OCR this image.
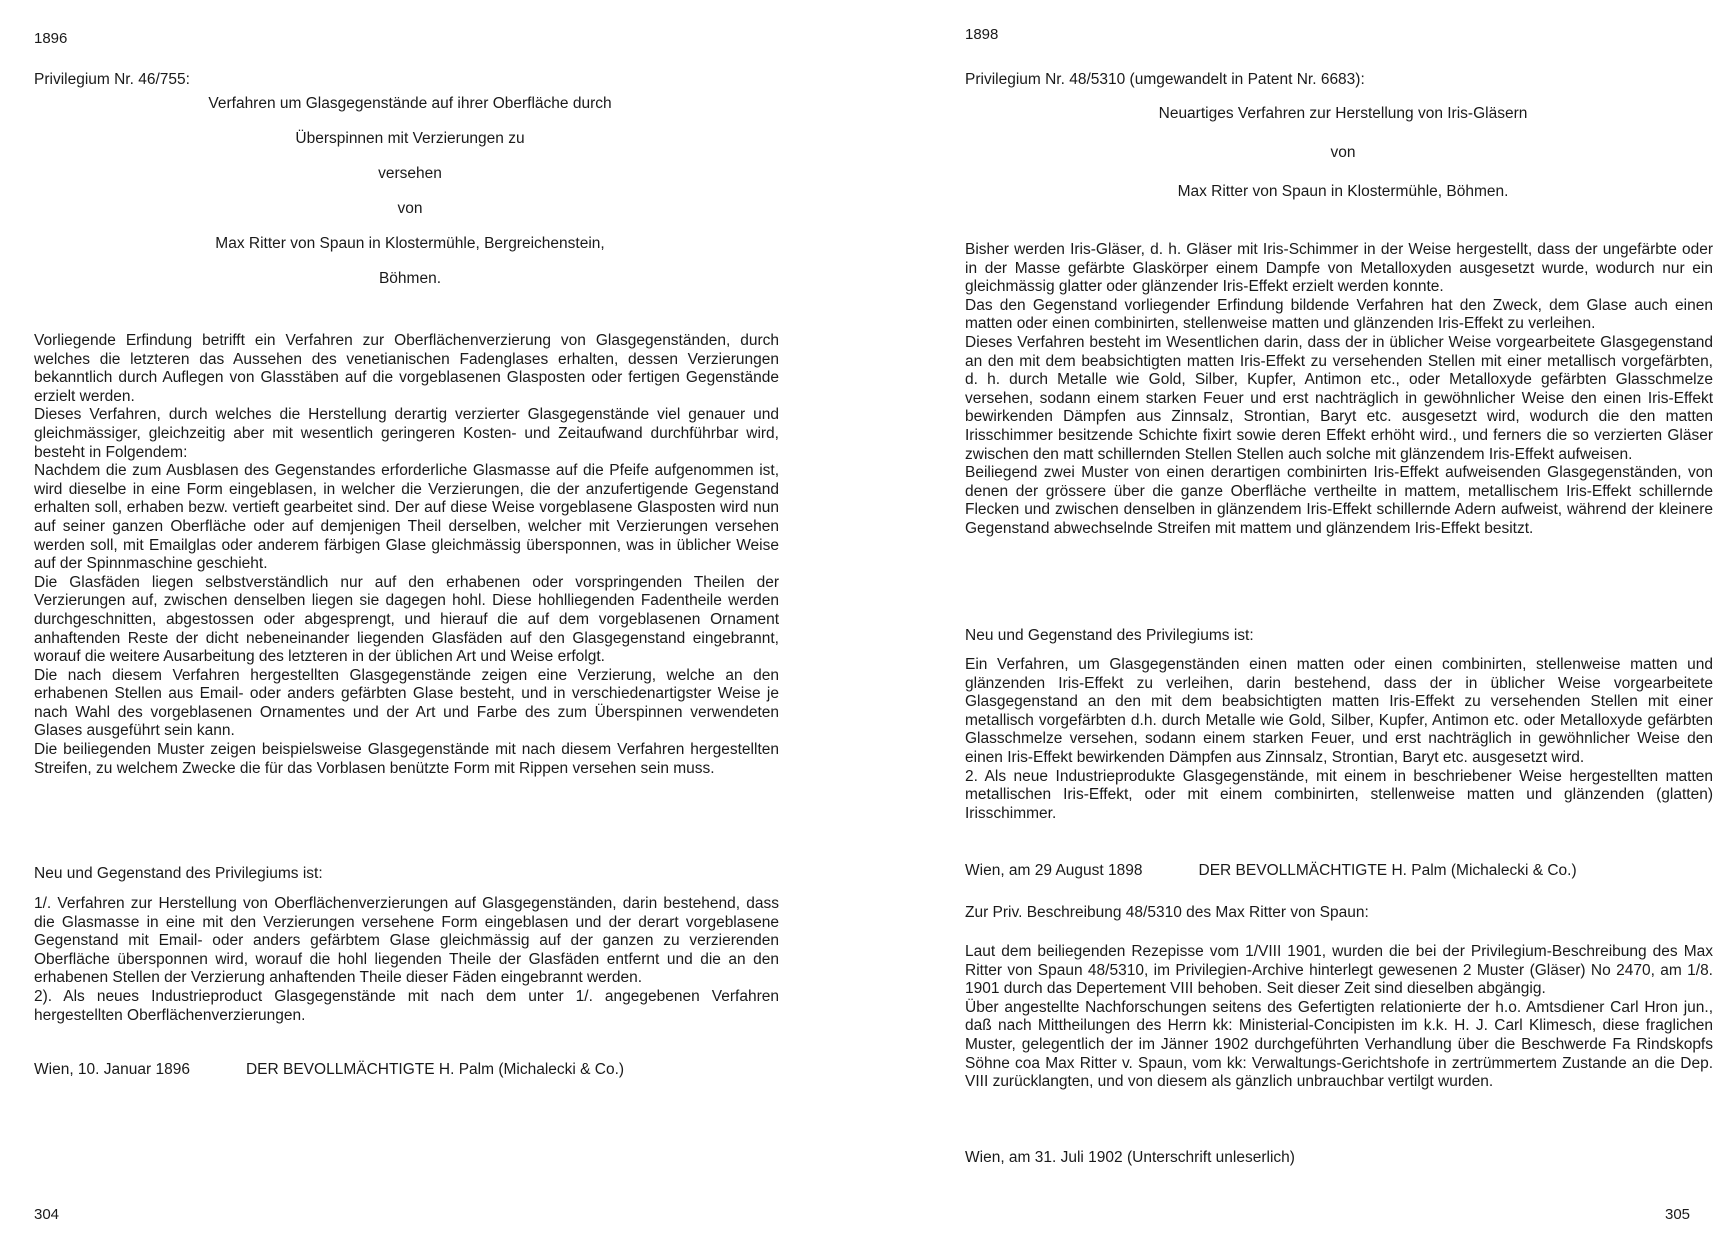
1896
Privilegium Nr. 46/755:
Verfahren um Glasgegenstände auf ihrer Oberfläche durch
Überspinnen mit Verzierungen zu
versehen
von
Max Ritter von Spaun in Klostermühle, Bergreichenstein,
Böhmen.
Vorliegende Erfindung betrifft ein Verfahren zur Oberflächenverzierung von Glasgegenständen, durch welches die letzteren das Aussehen des venetianischen Fadenglases erhalten, dessen Verzierungen bekanntlich durch Auflegen von Glasstäben auf die vorgeblasenen Glasposten oder fertigen Gegenstände erzielt werden.
Dieses Verfahren, durch welches die Herstellung derartig verzierter Glasgegenstände viel genauer und gleichmässiger, gleichzeitig aber mit wesentlich geringeren Kosten- und Zeitaufwand durchführbar wird, besteht in Folgendem:
Nachdem die zum Ausblasen des Gegenstandes erforderliche Glasmasse auf die Pfeife aufgenommen ist, wird dieselbe in eine Form eingeblasen, in welcher die Verzierungen, die der anzufertigende Gegenstand erhalten soll, erhaben bezw. vertieft gearbeitet sind. Der auf diese Weise vorgeblasene Glasposten wird nun auf seiner ganzen Oberfläche oder auf demjenigen Theil derselben, welcher mit Verzierungen versehen werden soll, mit Emailglas oder anderem färbigen Glase gleichmässig übersponnen, was in üblicher Weise auf der Spinnmaschine geschieht.
Die Glasfäden liegen selbstverständlich nur auf den erhabenen oder vorspringenden Theilen der Verzierungen auf, zwischen denselben liegen sie dagegen hohl. Diese hohlliegenden Fadentheile werden durchgeschnitten, abgestossen oder abgesprengt, und hierauf die auf dem vorgeblasenen Ornament anhaftenden Reste der dicht nebeneinander liegenden Glasfäden auf den Glasgegenstand eingebrannt, worauf die weitere Ausarbeitung des letzteren in der üblichen Art und Weise erfolgt.
Die nach diesem Verfahren hergestellten Glasgegenstände zeigen eine Verzierung, welche an den erhabenen Stellen aus Email- oder anders gefärbten Glase besteht, und in verschiedenartigster Weise je nach Wahl des vorgeblasenen Ornamentes und der Art und Farbe des zum Überspinnen verwendeten Glases ausgeführt sein kann.
Die beiliegenden Muster zeigen beispielsweise Glasgegenstände mit nach diesem Verfahren hergestellten Streifen, zu welchem Zwecke die für das Vorblasen benützte Form mit Rippen versehen sein muss.
Neu und Gegenstand des Privilegiums ist:
1/. Verfahren zur Herstellung von Oberflächenverzierungen auf Glasgegenständen, darin bestehend, dass die Glasmasse in eine mit den Verzierungen versehene Form eingeblasen und der derart vorgeblasene Gegenstand mit Email- oder anders gefärbtem Glase gleichmässig auf der ganzen zu verzierenden Oberfläche übersponnen wird, worauf die hohl liegenden Theile der Glasfäden entfernt und die an den erhabenen Stellen der Verzierung anhaftenden Theile dieser Fäden eingebrannt werden.
2). Als neues Industrieproduct Glasgegenstände mit nach dem unter 1/. angegebenen Verfahren hergestellten Oberflächenverzierungen.
Wien, 10. Januar 1896	DER BEVOLLMÄCHTIGTE H. Palm (Michalecki & Co.)
304
1898
Privilegium Nr. 48/5310 (umgewandelt in Patent Nr. 6683):
Neuartiges Verfahren zur Herstellung von Iris-Gläsern
von
Max Ritter von Spaun in Klostermühle, Böhmen.
Bisher werden Iris-Gläser, d. h. Gläser mit Iris-Schimmer in der Weise hergestellt, dass der ungefärbte oder in der Masse gefärbte Glaskörper einem Dampfe von Metalloxyden ausgesetzt wurde, wodurch nur ein gleichmässig glatter oder glänzender Iris-Effekt erzielt werden konnte.
Das den Gegenstand vorliegender Erfindung bildende Verfahren hat den Zweck, dem Glase auch einen matten oder einen combinirten, stellenweise matten und glänzenden Iris-Effekt zu verleihen.
Dieses Verfahren besteht im Wesentlichen darin, dass der in üblicher Weise vorgearbeitete Glasgegenstand an den mit dem beabsichtigten matten Iris-Effekt zu versehenden Stellen mit einer metallisch vorgefärbten, d. h. durch Metalle wie Gold, Silber, Kupfer, Antimon etc., oder Metalloxyde gefärbten Glasschmelze versehen, sodann einem starken Feuer und erst nachträglich in gewöhnlicher Weise den einen Iris-Effekt bewirkenden Dämpfen aus Zinnsalz, Strontian, Baryt etc. ausgesetzt wird, wodurch die den matten Irisschimmer besitzende Schichte fixirt sowie deren Effekt erhöht wird., und ferners die so verzierten Gläser zwischen den matt schillernden Stellen Stellen auch solche mit glänzendem Iris-Effekt aufweisen.
Beiliegend zwei Muster von einen derartigen combinirten Iris-Effekt aufweisenden Glasgegenständen, von denen der grössere über die ganze Oberfläche vertheilte in mattem, metallischem Iris-Effekt schillernde Flecken und zwischen denselben in glänzendem Iris-Effekt schillernde Adern aufweist, während der kleinere Gegenstand abwechselnde Streifen mit mattem und glänzendem Iris-Effekt besitzt.
Neu und Gegenstand des Privilegiums ist:
Ein Verfahren, um Glasgegenständen einen matten oder einen combinirten, stellenweise matten und glänzenden Iris-Effekt zu verleihen, darin bestehend, dass der in üblicher Weise vorgearbeitete Glasgegenstand an den mit dem beabsichtigten matten Iris-Effekt zu versehenden Stellen mit einer metallisch vorgefärbten d.h. durch Metalle wie Gold, Silber, Kupfer, Antimon etc. oder Metalloxyde gefärbten Glasschmelze versehen, sodann einem starken Feuer, und erst nachträglich in gewöhnlicher Weise den einen Iris-Effekt bewirkenden Dämpfen aus Zinnsalz, Strontian, Baryt etc. ausgesetzt wird.
2. Als neue Industrieprodukte Glasgegenstände, mit einem in beschriebener Weise hergestellten matten metallischen Iris-Effekt, oder mit einem combinirten, stellenweise matten und glänzenden (glatten) Irisschimmer.
Wien, am 29 August 1898	DER BEVOLLMÄCHTIGTE H. Palm (Michalecki & Co.)
Zur Priv. Beschreibung 48/5310 des Max Ritter von Spaun:
Laut dem beiliegenden Rezepisse vom 1/VIII 1901, wurden die bei der Privilegium-Beschreibung des Max Ritter von Spaun 48/5310, im Privilegien-Archive hinterlegt gewesenen 2 Muster (Gläser) No 2470, am 1/8. 1901 durch das Depertement VIII behoben. Seit dieser Zeit sind dieselben abgängig.
Über angestellte Nachforschungen seitens des Gefertigten relationierte der h.o. Amtsdiener Carl Hron jun., daß nach Mittheilungen des Herrn kk: Ministerial-Concipisten im k.k. H. J. Carl Klimesch, diese fraglichen Muster, gelegentlich der im Jänner 1902 durchgeführten Verhandlung über die Beschwerde Fa Rindskopfs Söhne coa Max Ritter v. Spaun, vom kk: Verwaltungs-Gerichtshofe in zertrümmertem Zustande an die Dep. VIII zurücklangten, und von diesem als gänzlich unbrauchbar vertilgt wurden.
Wien, am 31. Juli 1902 (Unterschrift unleserlich)
305
